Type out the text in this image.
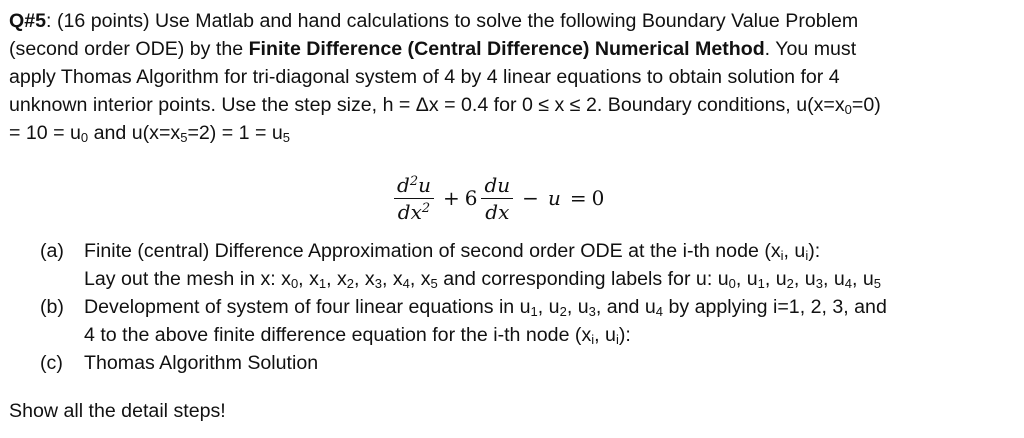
Q#5: (16 points) Use Matlab and hand calculations to solve the following Boundary Value Problem
(second order ODE) by the Finite Difference (Central Difference) Numerical Method. You must
apply Thomas Algorithm for tri-diagonal system of 4 by 4 linear equations to obtain solution for 4
unknown interior points. Use the step size, h = Δx = 0.4 for 0 ≤ x ≤ 2. Boundary conditions, $u(x=x_0=0)$
= $10 = u_0$ and $u(x=x_5=2) = 1 = u_5$

$\frac{d^2u}{dx^2} + 6 \frac{du}{dx} - u = 0$
(a) Finite (central) Difference Approximation of second order ODE at the i-th node ($x_i$, $u_i$):
Lay out the mesh in x: $x_0$, $x_1$, $x_2$, $x_3$, $x_4$, $x_5$ and corresponding labels for u: $u_0$, $u_1$, $u_2$, $u_3$, $u_4$, $u_5$
(b) Development of system of four linear equations in $u_1$, $u_2$, $u_3$, and $u_4$ by applying i=1, 2, 3, and
4 to the above finite difference equation for the i-th node ($x_i$, $u_i$):
(c) Thomas Algorithm Solution
Show all the detail steps!
